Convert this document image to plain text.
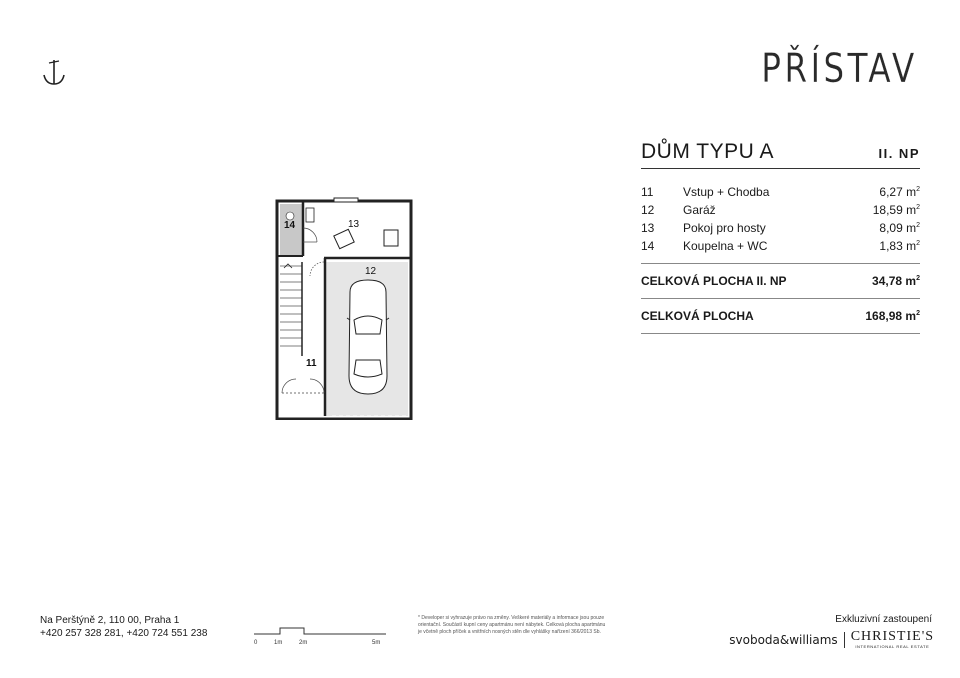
PŘÍSTAV
DŮM TYPU A	II. NP
11	Vstup + Chodba	6,27 $m^2$
12	Garáž	18,59 $m^2$
13	Pokoj pro hosty	8,09 $m^2$
14	Koupelna + WC	1,83 $m^2$
CELKOVÁ PLOCHA II. NP	34,78 $m^2$
CELKOVÁ PLOCHA	168,98 $m^2$
13
14
12
11
Na Perštýně 2, 110 00, Praha 1
+420 257 328 281, +420 724 551 238
0	1m	2m	5m
* Developer si vyhrazuje právo na změny. Veškeré materiály a informace jsou pouze
orientační. Součástí kupní ceny apartmánu není nábytek. Celková plocha apartmánu
je včetně ploch příček a vnitřních nosných stěn dle vyhlášky nařízení 366/2013 Sb.
Exkluzivní zastoupení
svoboda&williams CHRISTIE'S
INTERNATIONAL REAL ESTATE
